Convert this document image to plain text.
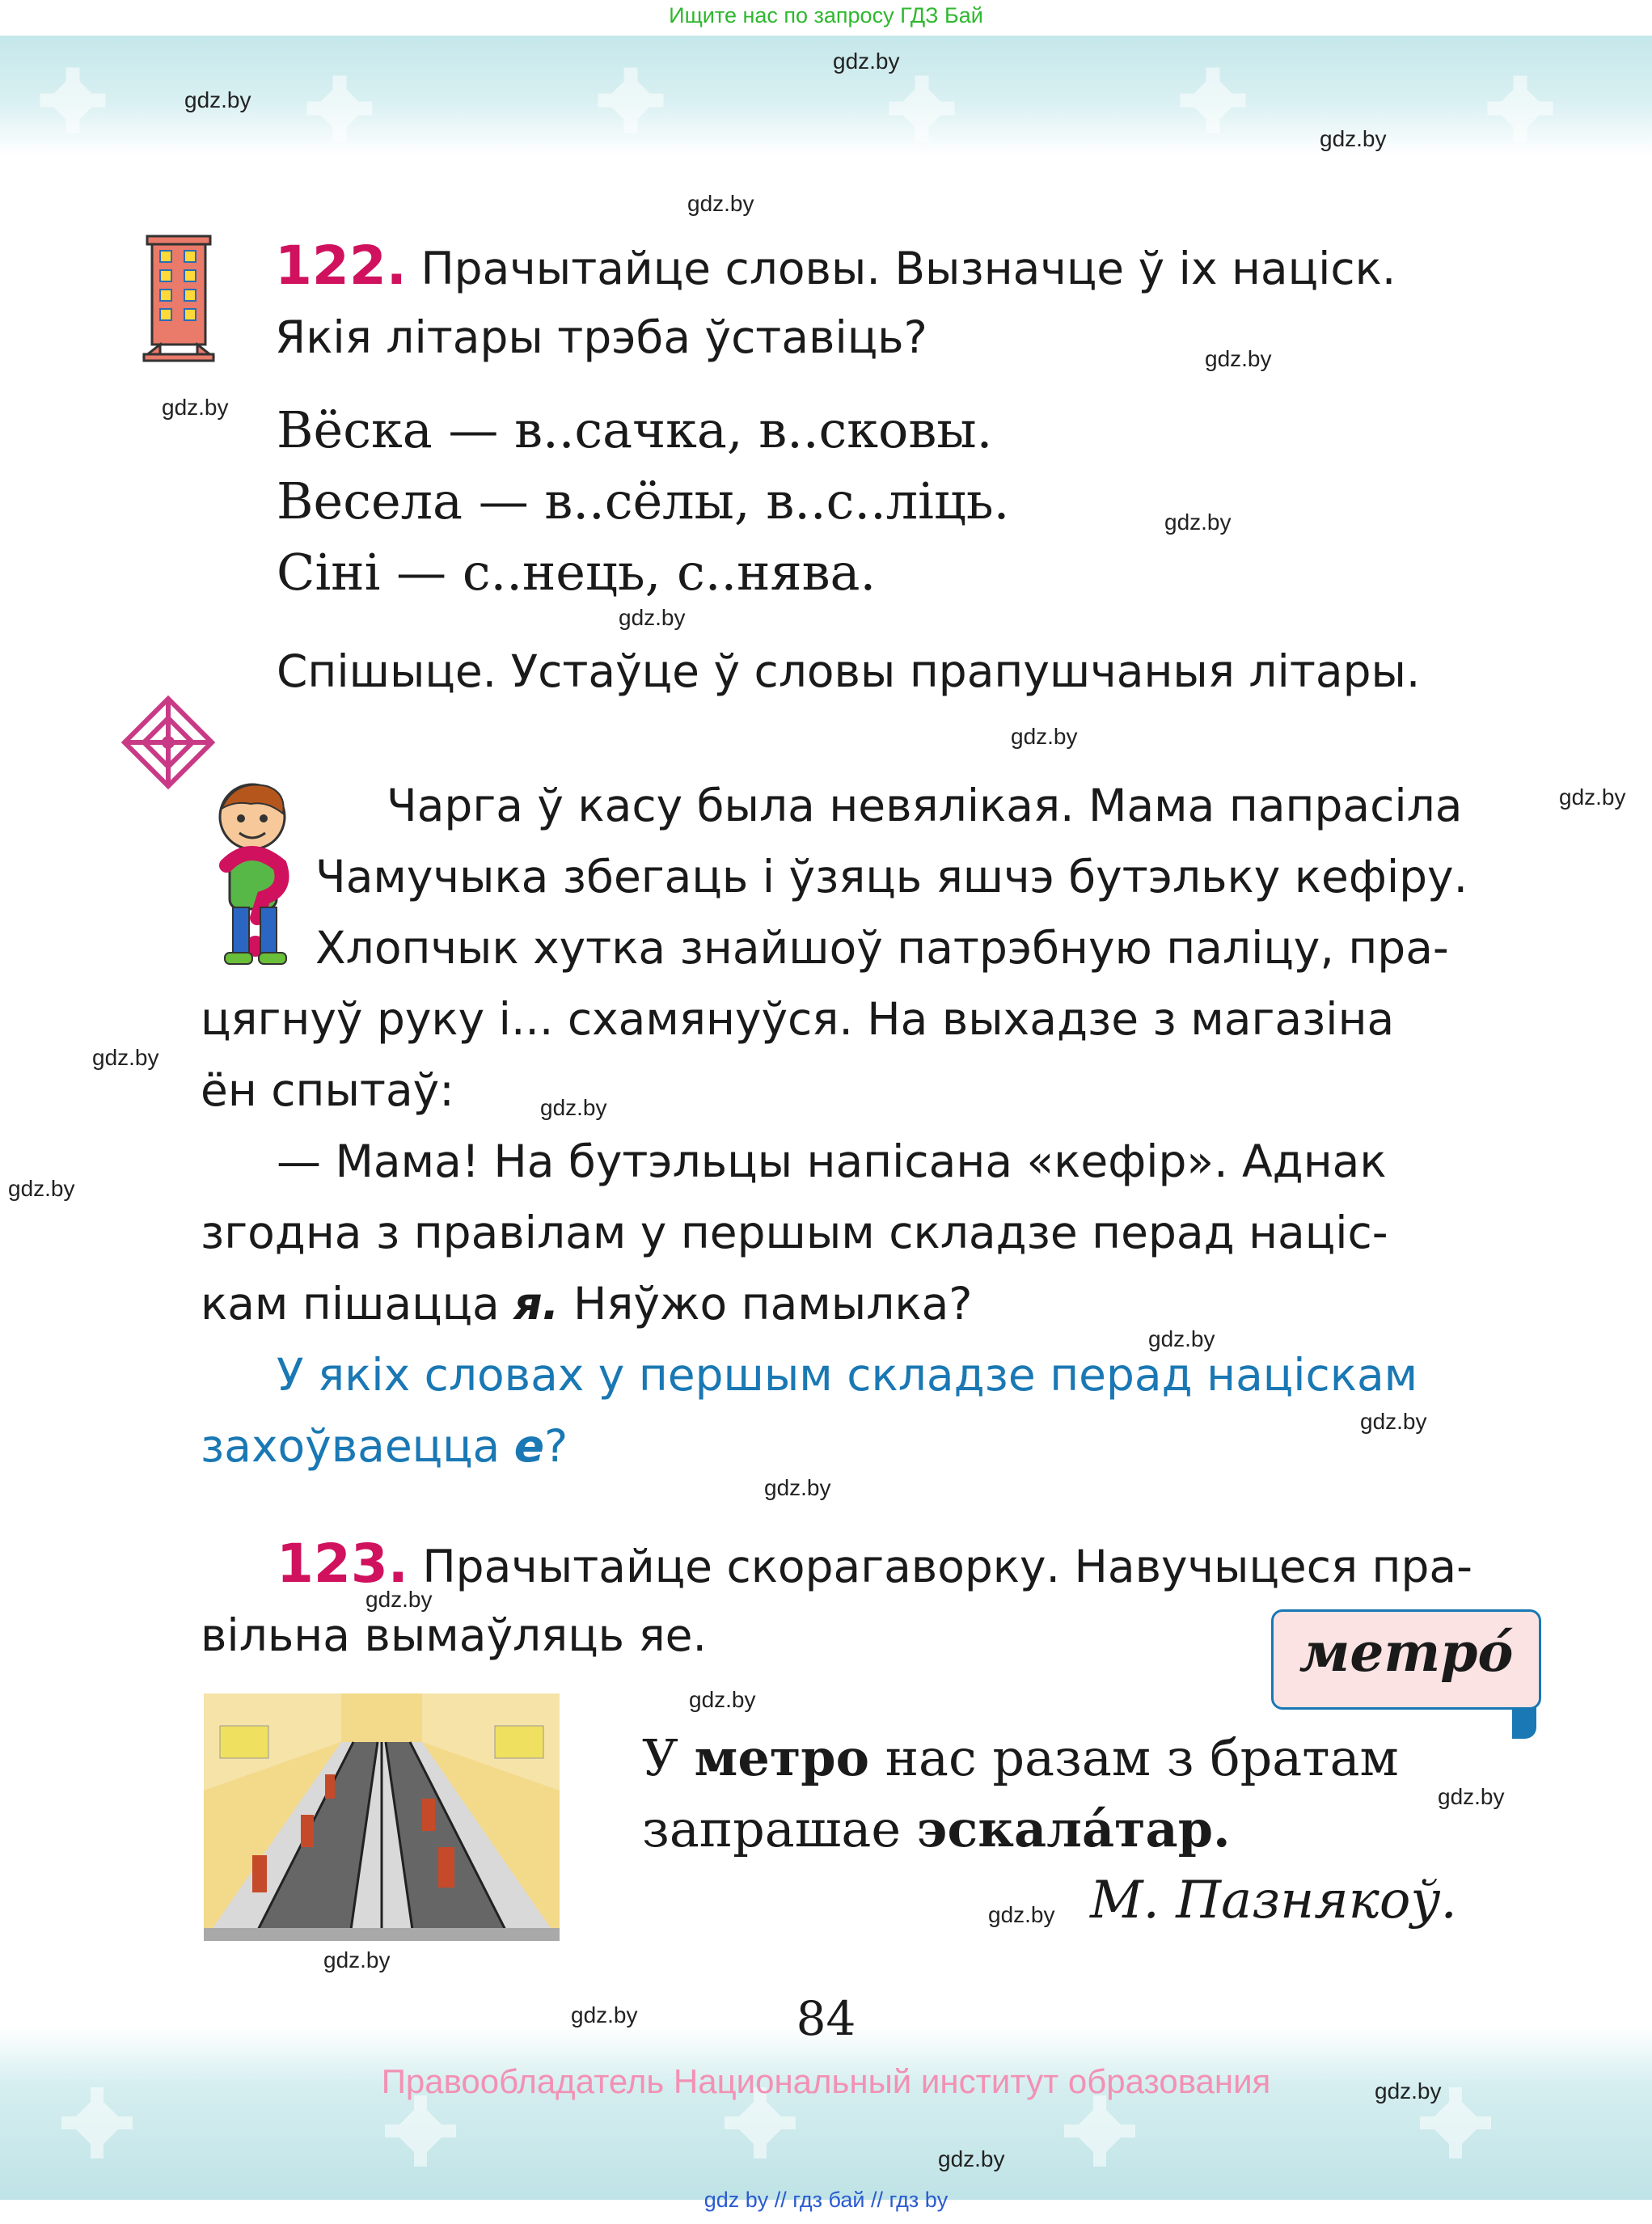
Ищите нас по запросу ГДЗ Бай
gdz.by
gdz.by
gdz.by
gdz.by
gdz.by
gdz.by
gdz.by
gdz.by
gdz.by
gdz.by
gdz.by
gdz.by
gdz.by
gdz.by
gdz.by
gdz.by
gdz.by
gdz.by
gdz.by
gdz.by
gdz.by
gdz.by
gdz.by
gdz.by
122. Прачытайце словы. Вызначце ў іх націск.
Якія літары трэба ўставіць?
Вёска — в..сачка, в..сковы.
Весела — в..сёлы, в..с..ліць.
Сіні — с..нець, с..нява.
Спішыце. Устаўце ў словы прапушчаныя літары.
Чарга ў касу была невялікая. Мама папрасіла
Чамучыка збегаць і ўзяць яшчэ бутэльку кефіру.
Хлопчык хутка знайшоў патрэбную паліцу, пра-
цягнуў руку і... схамянуўся. На выхадзе з магазіна
ён спытаў:
— Мама! На бутэльцы напісана «кефір». Аднак
згодна з правілам у першым складзе перад націс-
кам пішацца я. Няўжо памылка?
У якіх словах у першым складзе перад націскам
захоўваецца е?
123. Прачытайце скорагаворку. Навучыцеся пра-
вільна вымаўляць яе.	метро́
У метро нас разам з братам
запрашае эскала́тар.
М. Пазнякоў.
84
Правообладатель Национальный институт образования
gdz by // гдз бай // гдз by
